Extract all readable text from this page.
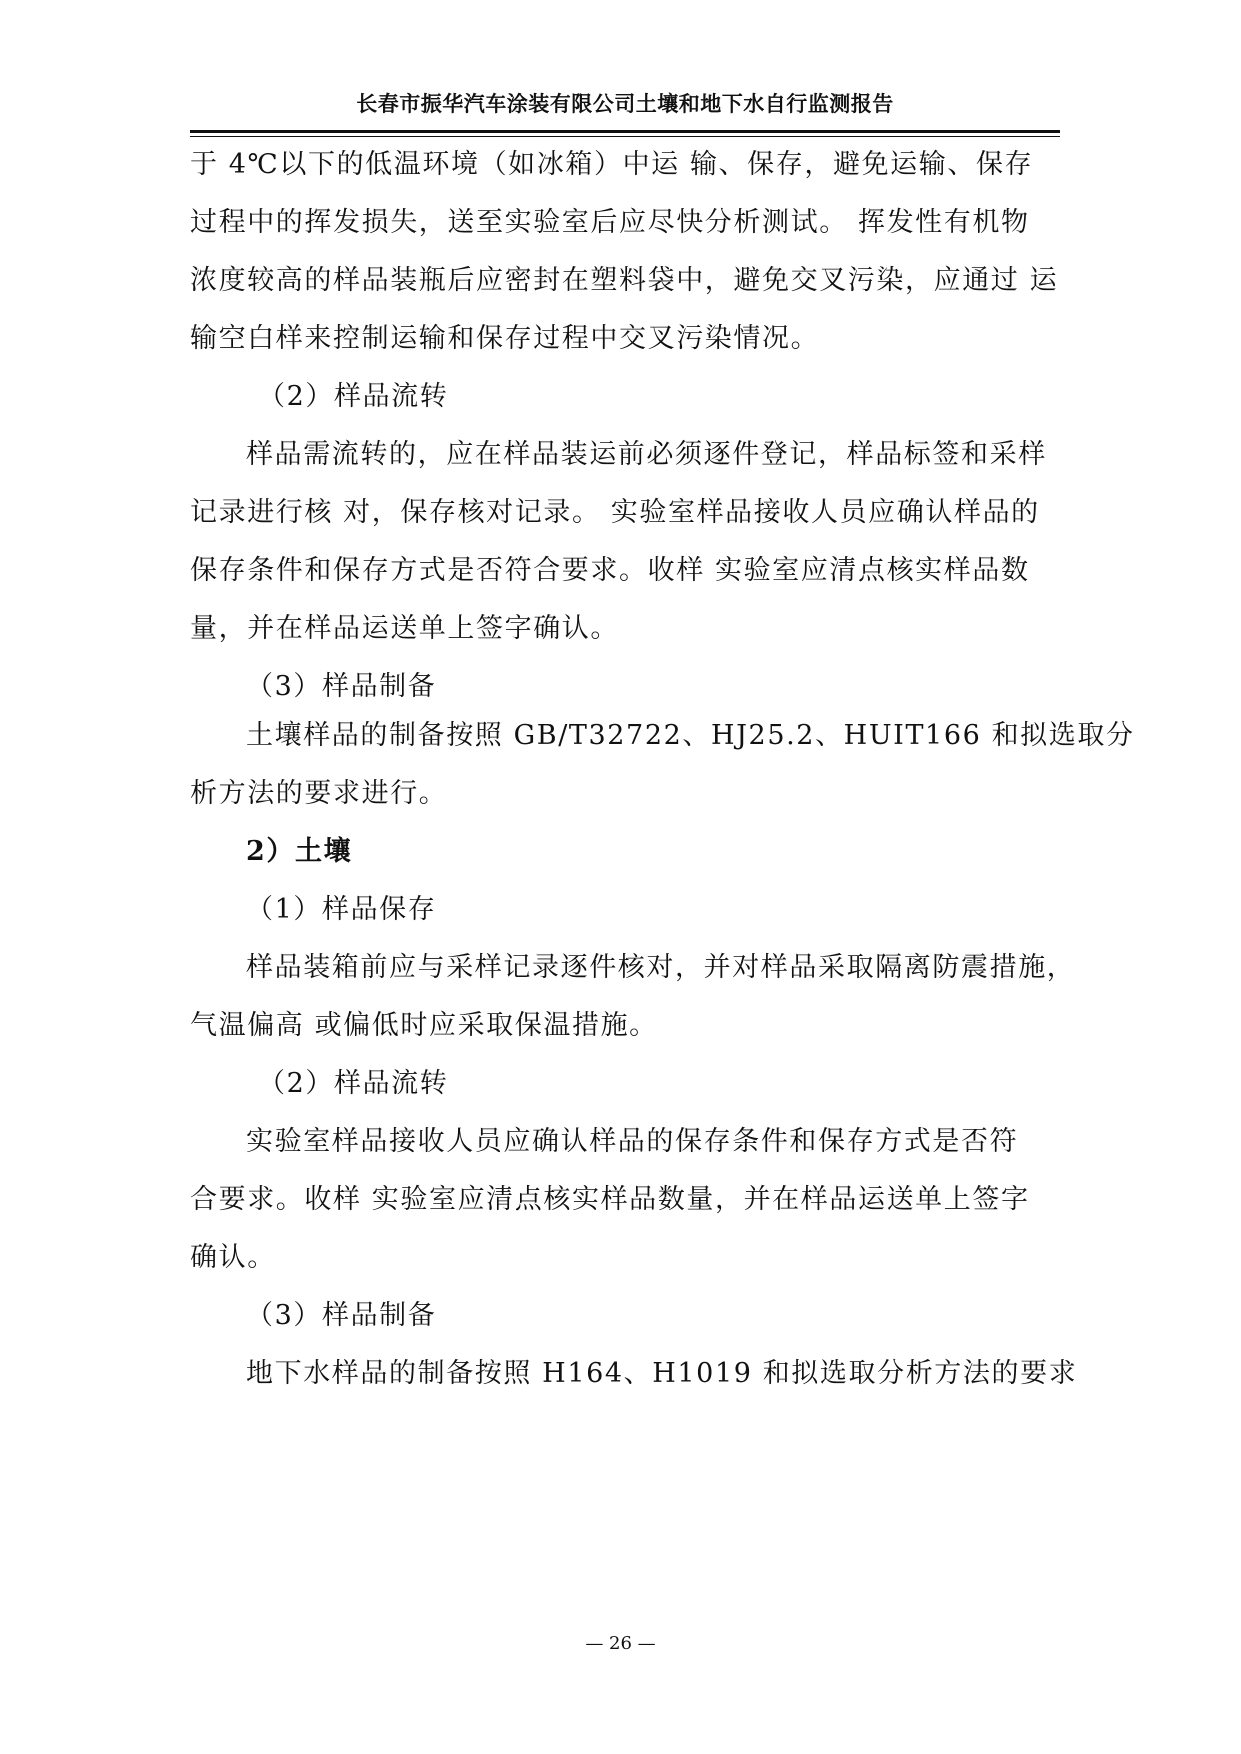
长春市振华汽车涂装有限公司土壤和地下水自行监测报告
于 4℃以下的低温环境（如冰箱）中运 输、保存，避免运输、保存
过程中的挥发损失，送至实验室后应尽快分析测试。 挥发性有机物
浓度较高的样品装瓶后应密封在塑料袋中，避免交叉污染，应通过 运
输空白样来控制运输和保存过程中交叉污染情况。
（2）样品流转
样品需流转的，应在样品装运前必须逐件登记，样品标签和采样
记录进行核 对，保存核对记录。 实验室样品接收人员应确认样品的
保存条件和保存方式是否符合要求。收样 实验室应清点核实样品数
量，并在样品运送单上签字确认。
（3）样品制备
土壤样品的制备按照 GB/T32722、HJ25.2、HUIT166 和拟选取分
析方法的要求进行。
2）土壤
（1）样品保存
样品装箱前应与采样记录逐件核对，并对样品采取隔离防震措施，
气温偏高 或偏低时应采取保温措施。
（2）样品流转
实验室样品接收人员应确认样品的保存条件和保存方式是否符
合要求。收样 实验室应清点核实样品数量，并在样品运送单上签字
确认。
（3）样品制备
地下水样品的制备按照 H164、H1019 和拟选取分析方法的要求
— 26 —
